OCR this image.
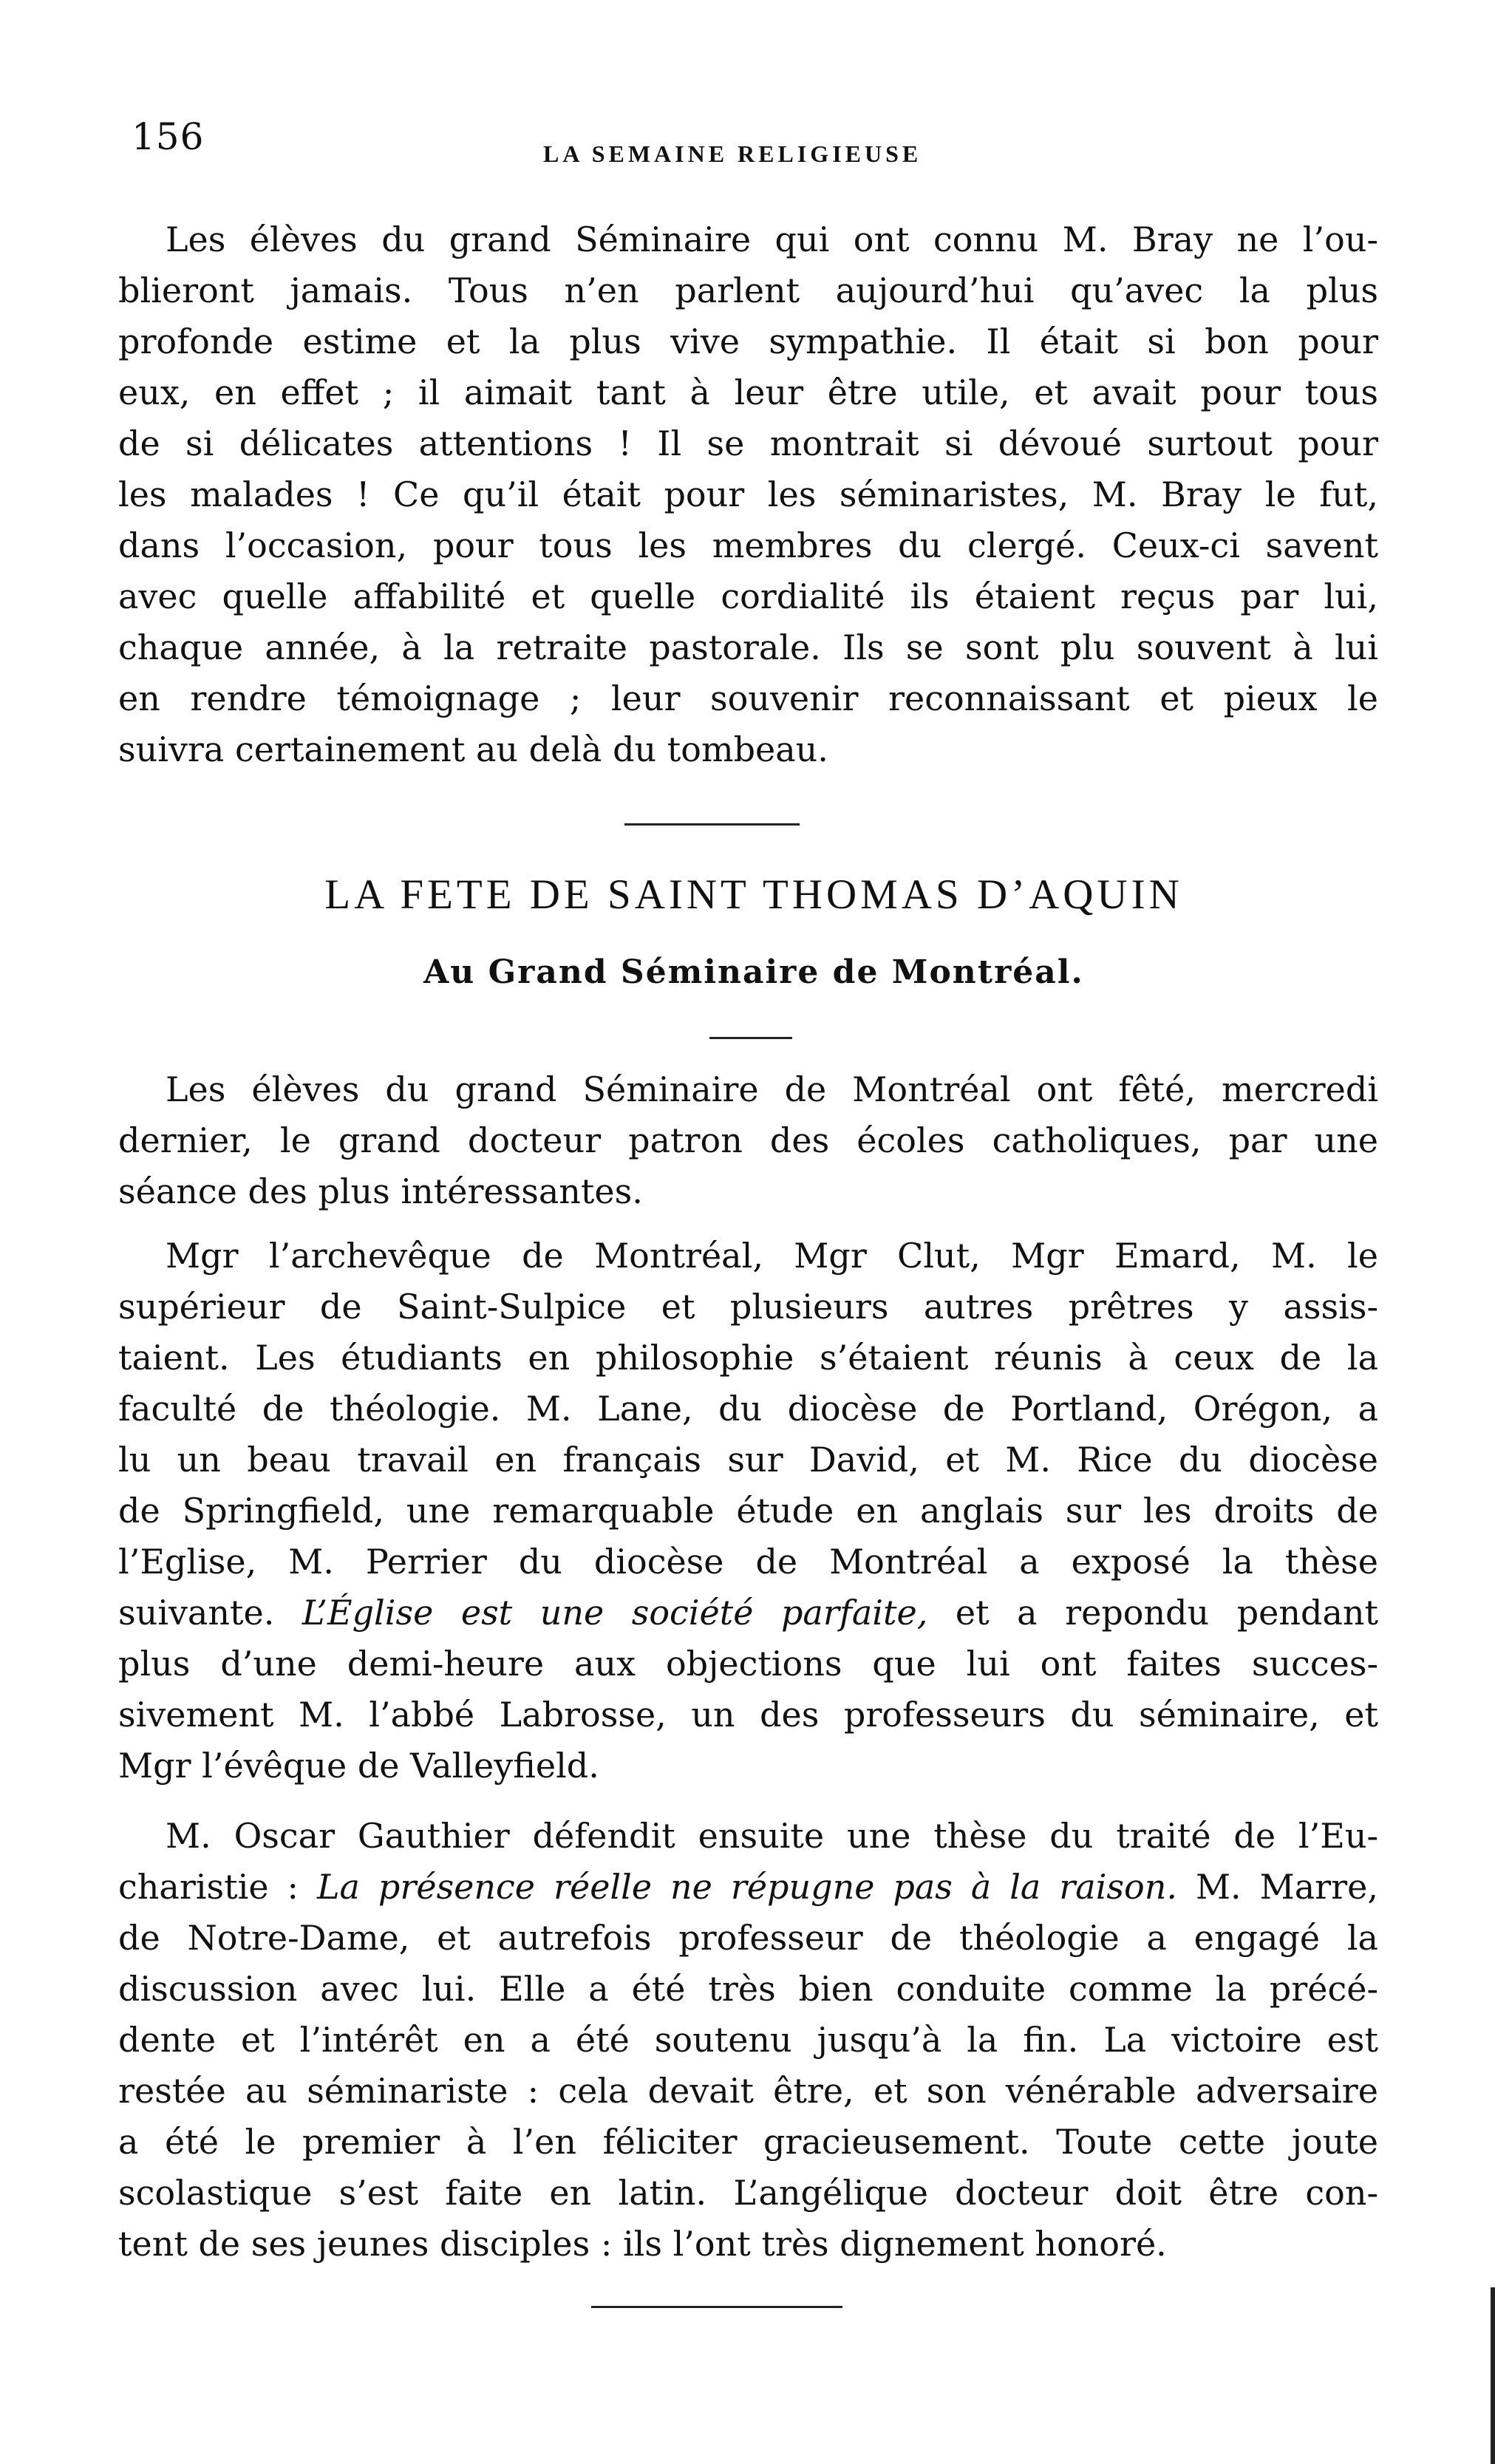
156	LA SEMAINE RELIGIEUSE
Les élèves du grand Séminaire qui ont connu M. Bray ne l’ou-
blieront jamais. Tous n’en parlent aujourd’hui qu’avec la plus
profonde estime et la plus vive sympathie. Il était si bon pour
eux, en effet ; il aimait tant à leur être utile, et avait pour tous
de si délicates attentions ! Il se montrait si dévoué surtout pour
les malades ! Ce qu’il était pour les séminaristes, M. Bray le fut,
dans l’occasion, pour tous les membres du clergé. Ceux-ci savent
avec quelle affabilité et quelle cordialité ils étaient reçus par lui,
chaque année, à la retraite pastorale. Ils se sont plu souvent à lui
en rendre témoignage ; leur souvenir reconnaissant et pieux le
suivra certainement au delà du tombeau.
LA FETE DE SAINT THOMAS D’AQUIN
Au Grand Séminaire de Montréal.
Les élèves du grand Séminaire de Montréal ont fêté, mercredi
dernier, le grand docteur patron des écoles catholiques, par une
séance des plus intéressantes.
Mgr l’archevêque de Montréal, Mgr Clut, Mgr Emard, M. le
supérieur de Saint-Sulpice et plusieurs autres prêtres y assis-
taient. Les étudiants en philosophie s’étaient réunis à ceux de la
faculté de théologie. M. Lane, du diocèse de Portland, Orégon, a
lu un beau travail en français sur David, et M. Rice du diocèse
de Springfield, une remarquable étude en anglais sur les droits de
l’Eglise, M. Perrier du diocèse de Montréal a exposé la thèse
suivante. L’Église est une société parfaite, et a repondu pendant
plus d’une demi-heure aux objections que lui ont faites succes-
sivement M. l’abbé Labrosse, un des professeurs du séminaire, et
Mgr l’évêque de Valleyfield.
M. Oscar Gauthier défendit ensuite une thèse du traité de l’Eu-
charistie : La présence réelle ne répugne pas à la raison. M. Marre,
de Notre-Dame, et autrefois professeur de théologie a engagé la
discussion avec lui. Elle a été très bien conduite comme la précé-
dente et l’intérêt en a été soutenu jusqu’à la fin. La victoire est
restée au séminariste : cela devait être, et son vénérable adversaire
a été le premier à l’en féliciter gracieusement. Toute cette joute
scolastique s’est faite en latin. L’angélique docteur doit être con-
tent de ses jeunes disciples : ils l’ont très dignement honoré.
